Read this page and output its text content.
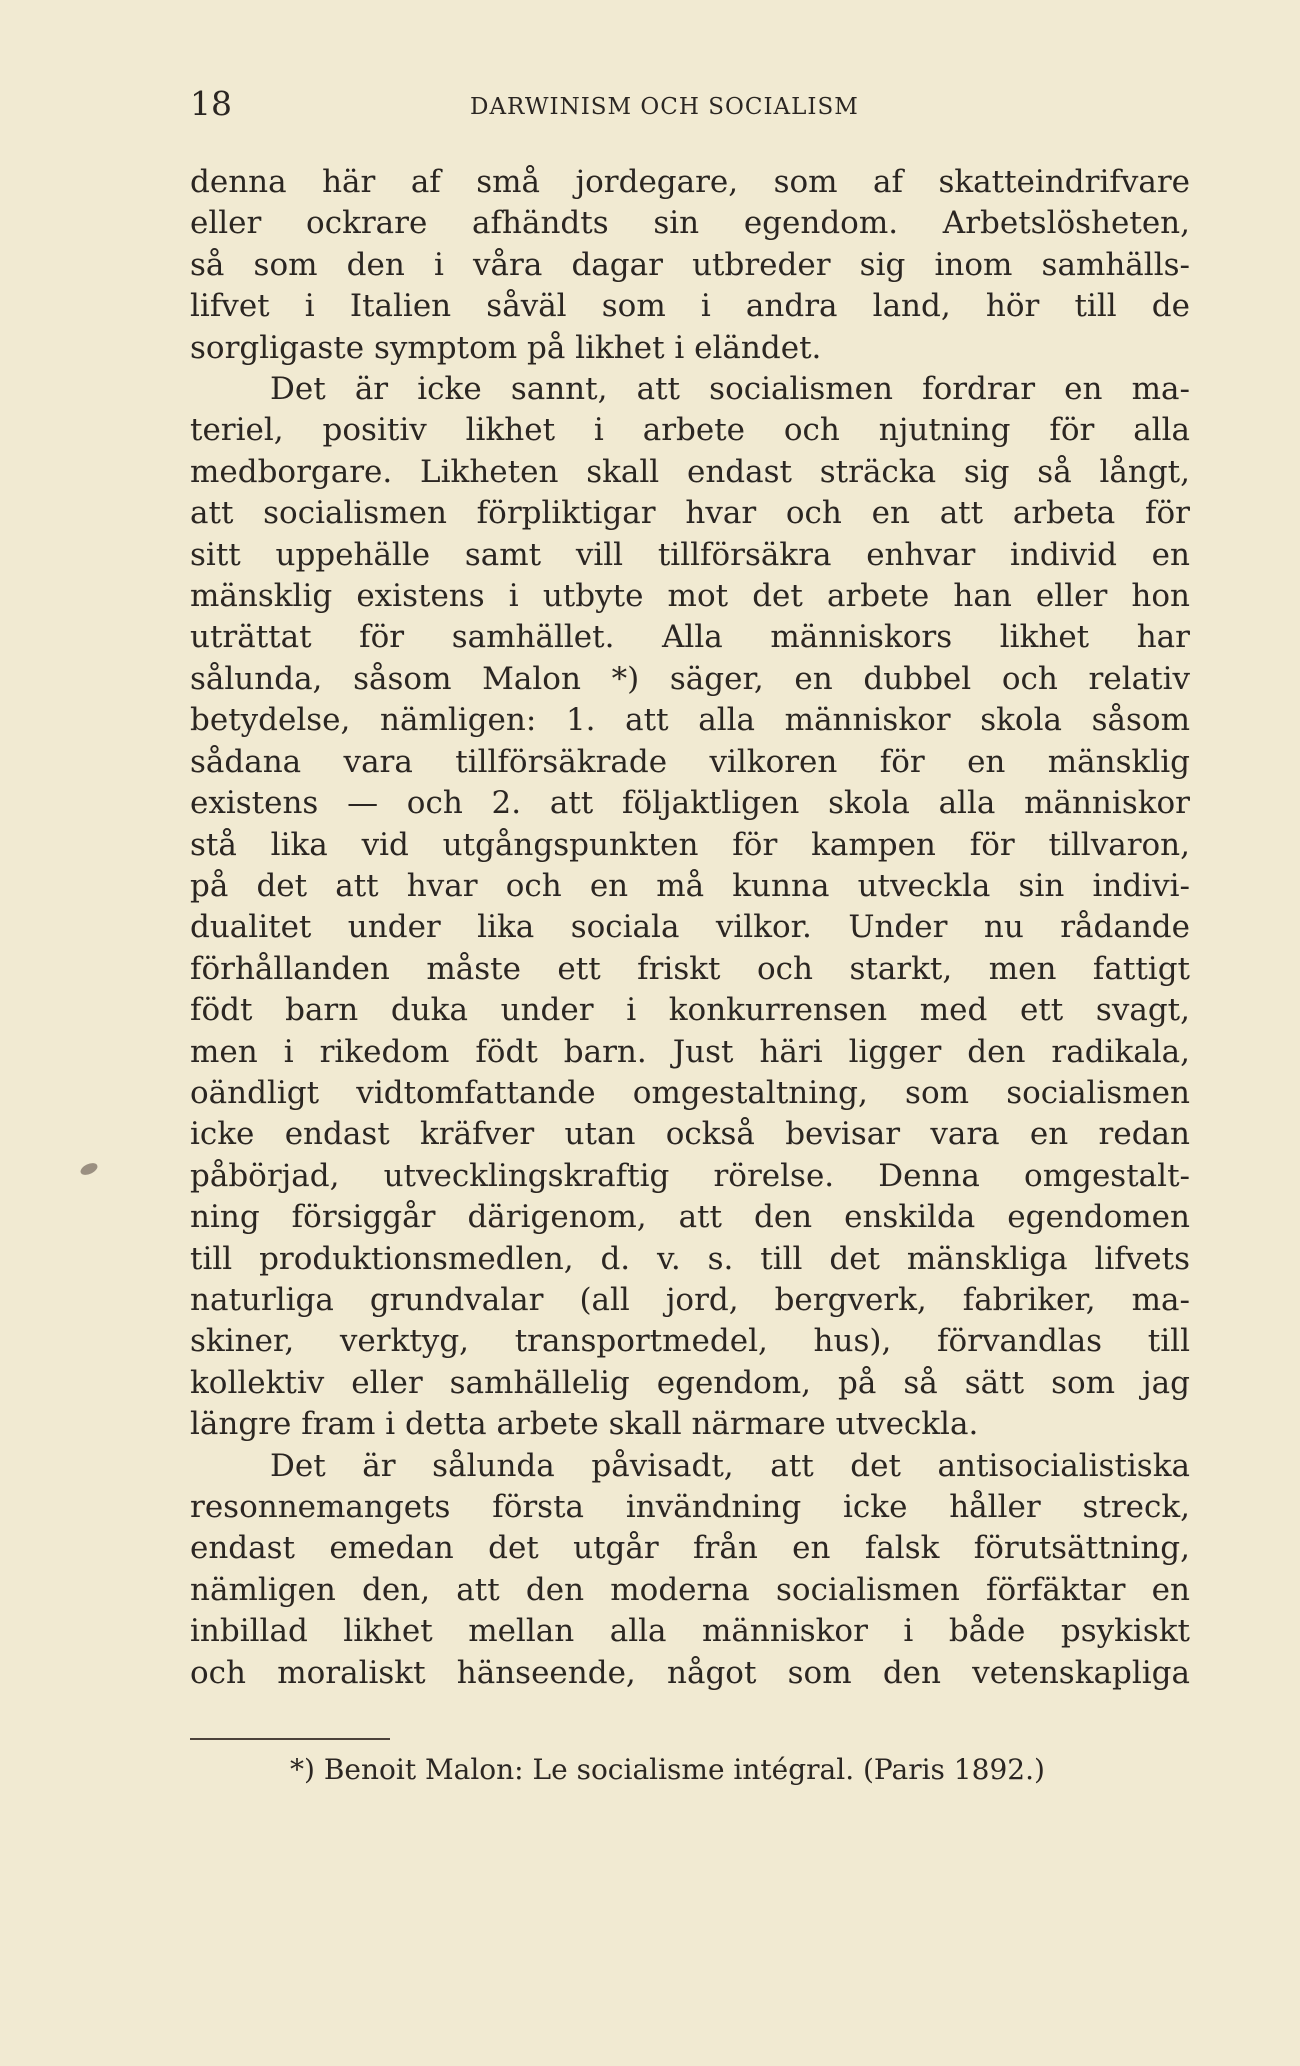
18	DARWINISM OCH SOCIALISM
denna här af små jordegare, som af skatteindrifvare
eller ockrare afhändts sin egendom. Arbetslösheten,
så som den i våra dagar utbreder sig inom samhälls-
lifvet i Italien såväl som i andra land, hör till de
sorgligaste symptom på likhet i eländet.
Det är icke sannt, att socialismen fordrar en ma-
teriel, positiv likhet i arbete och njutning för alla
medborgare. Likheten skall endast sträcka sig så långt,
att socialismen förpliktigar hvar och en att arbeta för
sitt uppehälle samt vill tillförsäkra enhvar individ en
mänsklig existens i utbyte mot det arbete han eller hon
uträttat för samhället. Alla människors likhet har
sålunda, såsom Malon *) säger, en dubbel och relativ
betydelse, nämligen: 1. att alla människor skola såsom
sådana vara tillförsäkrade vilkoren för en mänsklig
existens — och 2. att följaktligen skola alla människor
stå lika vid utgångspunkten för kampen för tillvaron,
på det att hvar och en må kunna utveckla sin indivi-
dualitet under lika sociala vilkor. Under nu rådande
förhållanden måste ett friskt och starkt, men fattigt
födt barn duka under i konkurrensen med ett svagt,
men i rikedom födt barn. Just häri ligger den radikala,
oändligt vidtomfattande omgestaltning, som socialismen
icke endast kräfver utan också bevisar vara en redan
påbörjad, utvecklingskraftig rörelse. Denna omgestalt-
ning försiggår därigenom, att den enskilda egendomen
till produktionsmedlen, d. v. s. till det mänskliga lifvets
naturliga grundvalar (all jord, bergverk, fabriker, ma-
skiner, verktyg, transportmedel, hus), förvandlas till
kollektiv eller samhällelig egendom, på så sätt som jag
längre fram i detta arbete skall närmare utveckla.
Det är sålunda påvisadt, att det antisocialistiska
resonnemangets första invändning icke håller streck,
endast emedan det utgår från en falsk förutsättning,
nämligen den, att den moderna socialismen förfäktar en
inbillad likhet mellan alla människor i både psykiskt
och moraliskt hänseende, något som den vetenskapliga
*) Benoit Malon: Le socialisme intégral. (Paris 1892.)
